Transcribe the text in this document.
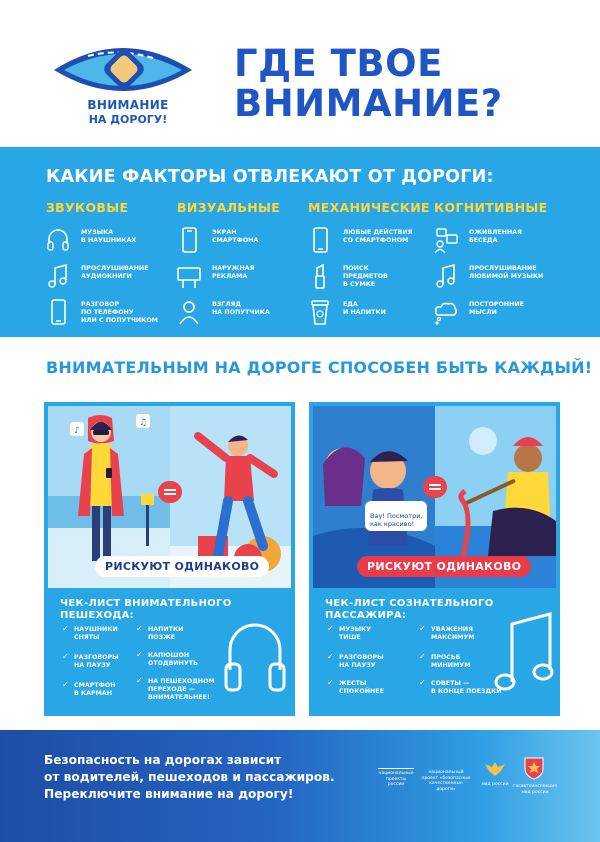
ВНИМАНИЕ
НА ДОРОГУ!
ГДЕ ТВОЕ
ВНИМАНИЕ?
КАКИЕ ФАКТОРЫ ОТВЛЕКАЮТ ОТ ДОРОГИ:
ЗВУКОВЫЕ
МУЗЫКА
В НАУШНИКАХ
ПРОСЛУШИВАНИЕ
АУДИОКНИГИ
РАЗГОВОР
ПО ТЕЛЕФОНУ
ИЛИ С ПОПУТЧИКОМ
ВИЗУАЛЬНЫЕ
ЭКРАН
СМАРТФОНА
НАРУЖНАЯ
РЕКЛАМА
ВЗГЛЯД
НА ПОПУТЧИКА
МЕХАНИЧЕСКИЕ
ЛЮБЫЕ ДЕЙСТВИЯ
СО СМАРТФОНОМ
ПОИСК
ПРЕДМЕТОВ
В СУМКЕ
ЕДА
И НАПИТКИ
КОГНИТИВНЫЕ
ОЖИВЛЕННАЯ
БЕСЕДА
ПРОСЛУШИВАНИЕ
ЛЮБИМОЙ МУЗЫКИ
ПОСТОРОННИЕ
МЫСЛИ
ВНИМАТЕЛЬНЫМ НА ДОРОГЕ СПОСОБЕН БЫТЬ КАЖДЫЙ!
♪
♫
РИСКУЮТ ОДИНАКОВО
ЧЕК-ЛИСТ ВНИМАТЕЛЬНОГО
ПЕШЕХОДА:
✓ НАУШНИКИ
СНЯТЫ
✓ РАЗГОВОРЫ
НА ПАУЗУ
✓ СМАРТФОН
В КАРМАН
✓ НАПИТКИ
ПОЗЖЕ
✓ КАПЮШОН
ОТОДВИНУТЬ
✓ НА ПЕШЕХОДНОМ
ПЕРЕХОДЕ —
ВНИМАТЕЛЬНЕЕ!

Вау! Посмотри,
как красиво!

РИСКУЮТ ОДИНАКОВО
ЧЕК-ЛИСТ СОЗНАТЕЛЬНОГО
ПАССАЖИРА:
✓ МУЗЫКУ
ТИШЕ
✓ РАЗГОВОРЫ
НА ПАУЗУ
✓ ЖЕСТЫ
СПОКОЙНЕЕ
✓ УВАЖЕНИЯ
МАКСИМУМ
✓ ПРОСЬБ
МИНИМУМ
✓ СОВЕТЫ —
В КОНЦЕ ПОЕЗДКИ
Безопасность на дорогах зависит
от водителей, пешеходов и пассажиров.
Переключите внимание на дорогу!
национальные проекты россии
национальный проект «безопасные качественные дороги»
мвд россии	госавтоинспекция мвд россии
